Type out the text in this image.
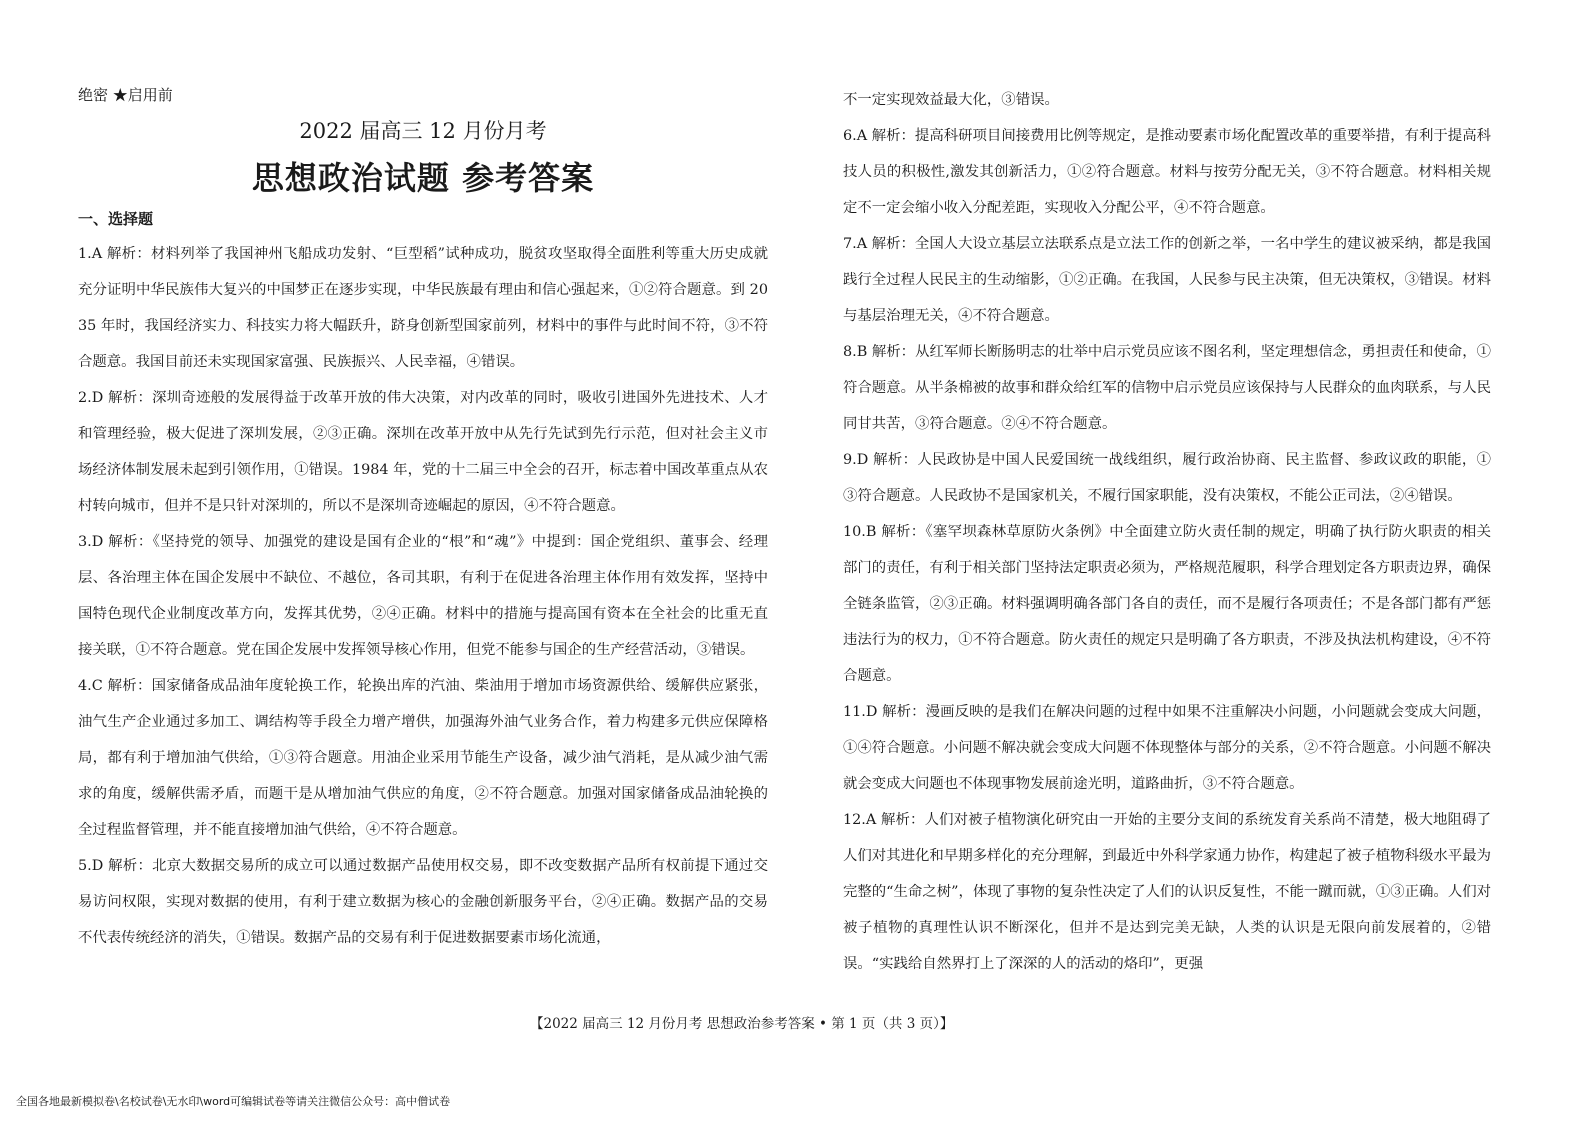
绝密 ★启用前
2022 届高三 12 月份月考
思想政治试题 参考答案
一、选择题

1.A 解析：材料列举了我国神州飞船成功发射、“巨型稻”试种成功，脱贫攻坚取得全面胜利等重大历史成就充分证明中华民族伟大复兴的中国梦正在逐步实现，中华民族最有理由和信心强起来，①②符合题意。到 2035 年时，我国经济实力、科技实力将大幅跃升，跻身创新型国家前列，材料中的事件与此时间不符，③不符合题意。我国目前还未实现国家富强、民族振兴、人民幸福，④错误。

2.D 解析：深圳奇迹般的发展得益于改革开放的伟大决策，对内改革的同时，吸收引进国外先进技术、人才和管理经验，极大促进了深圳发展，②③正确。深圳在改革开放中从先行先试到先行示范，但对社会主义市场经济体制发展未起到引领作用，①错误。1984 年，党的十二届三中全会的召开，标志着中国改革重点从农村转向城市，但并不是只针对深圳的，所以不是深圳奇迹崛起的原因，④不符合题意。

3.D 解析：《坚持党的领导、加强党的建设是国有企业的“根”和“魂”》中提到：国企党组织、董事会、经理层、各治理主体在国企发展中不缺位、不越位，各司其职，有利于在促进各治理主体作用有效发挥，坚持中国特色现代企业制度改革方向，发挥其优势，②④正确。材料中的措施与提高国有资本在全社会的比重无直接关联，①不符合题意。党在国企发展中发挥领导核心作用，但党不能参与国企的生产经营活动，③错误。

4.C 解析：国家储备成品油年度轮换工作，轮换出库的汽油、柴油用于增加市场资源供给、缓解供应紧张，油气生产企业通过多加工、调结构等手段全力增产增供，加强海外油气业务合作，着力构建多元供应保障格局，都有利于增加油气供给，①③符合题意。用油企业采用节能生产设备，减少油气消耗，是从减少油气需求的角度，缓解供需矛盾，而题干是从增加油气供应的角度，②不符合题意。加强对国家储备成品油轮换的全过程监督管理，并不能直接增加油气供给，④不符合题意。

5.D 解析：北京大数据交易所的成立可以通过数据产品使用权交易，即不改变数据产品所有权前提下通过交易访问权限，实现对数据的使用，有利于建立数据为核心的金融创新服务平台，②④正确。数据产品的交易不代表传统经济的消失，①错误。数据产品的交易有利于促进数据要素市场化流通，

不一定实现效益最大化，③错误。

6.A 解析：提高科研项目间接费用比例等规定，是推动要素市场化配置改革的重要举措，有利于提高科技人员的积极性,激发其创新活力，①②符合题意。材料与按劳分配无关，③不符合题意。材料相关规定不一定会缩小收入分配差距，实现收入分配公平，④不符合题意。

7.A 解析：全国人大设立基层立法联系点是立法工作的创新之举，一名中学生的建议被采纳，都是我国践行全过程人民民主的生动缩影，①②正确。在我国，人民参与民主决策，但无决策权，③错误。材料与基层治理无关，④不符合题意。

8.B 解析：从红军师长断肠明志的壮举中启示党员应该不图名利，坚定理想信念，勇担责任和使命，①符合题意。从半条棉被的故事和群众给红军的信物中启示党员应该保持与人民群众的血肉联系，与人民同甘共苦，③符合题意。②④不符合题意。

9.D 解析：人民政协是中国人民爱国统一战线组织，履行政治协商、民主监督、参政议政的职能，①③符合题意。人民政协不是国家机关，不履行国家职能，没有决策权，不能公正司法，②④错误。

10.B 解析：《塞罕坝森林草原防火条例》中全面建立防火责任制的规定，明确了执行防火职责的相关部门的责任，有利于相关部门坚持法定职责必须为，严格规范履职，科学合理划定各方职责边界，确保全链条监管，②③正确。材料强调明确各部门各自的责任，而不是履行各项责任；不是各部门都有严惩违法行为的权力，①不符合题意。防火责任的规定只是明确了各方职责，不涉及执法机构建设，④不符合题意。

11.D 解析：漫画反映的是我们在解决问题的过程中如果不注重解决小问题，小问题就会变成大问题，①④符合题意。小问题不解决就会变成大问题不体现整体与部分的关系，②不符合题意。小问题不解决就会变成大问题也不体现事物发展前途光明，道路曲折，③不符合题意。

12.A 解析：人们对被子植物演化研究由一开始的主要分支间的系统发育关系尚不清楚，极大地阻碍了人们对其进化和早期多样化的充分理解，到最近中外科学家通力协作，构建起了被子植物科级水平最为完整的“生命之树”，体现了事物的复杂性决定了人们的认识反复性，不能一蹴而就，①③正确。人们对被子植物的真理性认识不断深化，但并不是达到完美无缺，人类的认识是无限向前发展着的，②错误。“实践给自然界打上了深深的人的活动的烙印”，更强

【2022 届高三 12 月份月考 思想政治参考答案 • 第 1 页（共 3 页）】
全国各地最新模拟卷\名校试卷\无水印\word可编辑试卷等请关注微信公众号：高中僧试卷
